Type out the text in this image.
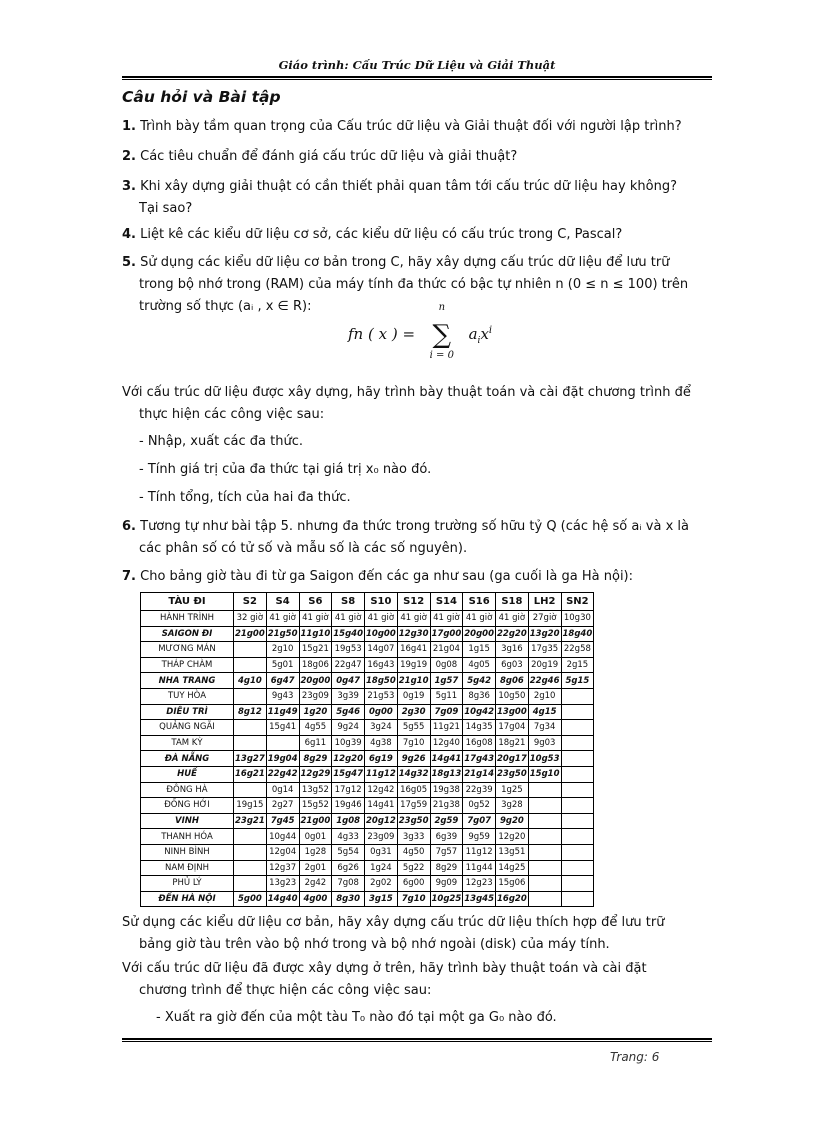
Giáo trình: Cấu Trúc Dữ Liệu và Giải Thuật
Câu hỏi và Bài tập
1. Trình bày tầm quan trọng của Cấu trúc dữ liệu và Giải thuật đối với người lập trình?
2. Các tiêu chuẩn để đánh giá cấu trúc dữ liệu và giải thuật?
3. Khi xây dựng giải thuật có cần thiết phải quan tâm tới cấu trúc dữ liệu hay không?
Tại sao?
4. Liệt kê các kiểu dữ liệu cơ sở, các kiểu dữ liệu có cấu trúc trong C, Pascal?
5. Sử dụng các kiểu dữ liệu cơ bản trong C, hãy xây dựng cấu trúc dữ liệu để lưu trữ
trong bộ nhớ trong (RAM) của máy tính đa thức có bậc tự nhiên n (0 ≤ n ≤ 100) trên
trường số thực (aᵢ , x ∈ R):
fn ( x ) =
n
∑
i = 0
$a_ix^i$
Với cấu trúc dữ liệu được xây dựng, hãy trình bày thuật toán và cài đặt chương trình để
thực hiện các công việc sau:
- Nhập, xuất các đa thức.
- Tính giá trị của đa thức tại giá trị x₀ nào đó.
- Tính tổng, tích của hai đa thức.
6. Tương tự như bài tập 5. nhưng đa thức trong trường số hữu tỷ Q (các hệ số aᵢ và x là
các phân số có tử số và mẫu số là các số nguyên).
7. Cho bảng giờ tàu đi từ ga Saigon đến các ga như sau (ga cuối là ga Hà nội):
TÀU ĐI	S2	S4	S6	S8	S10	S12	S14	S16	S18	LH2	SN2
HÀNH TRÌNH	32 giờ	41 giờ	41 giờ	41 giờ	41 giờ	41 giờ	41 giờ	41 giờ	41 giờ	27giờ	10g30
SAIGON ĐI	21g00	21g50	11g10	15g40	10g00	12g30	17g00	20g00	22g20	13g20	18g40
MƯƠNG MÁN		2g10	15g21	19g53	14g07	16g41	21g04	1g15	3g16	17g35	22g58
THÁP CHÀM		5g01	18g06	22g47	16g43	19g19	0g08	4g05	6g03	20g19	2g15
NHA TRANG	4g10	6g47	20g00	0g47	18g50	21g10	1g57	5g42	8g06	22g46	5g15
TUY HÒA		9g43	23g09	3g39	21g53	0g19	5g11	8g36	10g50	2g10	
DIÊU TRÌ	8g12	11g49	1g20	5g46	0g00	2g30	7g09	10g42	13g00	4g15	
QUẢNG NGÃI		15g41	4g55	9g24	3g24	5g55	11g21	14g35	17g04	7g34	
TAM KỲ			6g11	10g39	4g38	7g10	12g40	16g08	18g21	9g03	
ĐÀ NẴNG	13g27	19g04	8g29	12g20	6g19	9g26	14g41	17g43	20g17	10g53	
HUẾ	16g21	22g42	12g29	15g47	11g12	14g32	18g13	21g14	23g50	15g10	
ĐÔNG HÀ		0g14	13g52	17g12	12g42	16g05	19g38	22g39	1g25		
ĐỒNG HỚI	19g15	2g27	15g52	19g46	14g41	17g59	21g38	0g52	3g28		
VINH	23g21	7g45	21g00	1g08	20g12	23g50	2g59	7g07	9g20		
THANH HÓA		10g44	0g01	4g33	23g09	3g33	6g39	9g59	12g20		
NINH BÌNH		12g04	1g28	5g54	0g31	4g50	7g57	11g12	13g51		
NAM ĐỊNH		12g37	2g01	6g26	1g24	5g22	8g29	11g44	14g25		
PHỦ LÝ		13g23	2g42	7g08	2g02	6g00	9g09	12g23	15g06		
ĐẾN HÀ NỘI	5g00	14g40	4g00	8g30	3g15	7g10	10g25	13g45	16g20		
Sử dụng các kiểu dữ liệu cơ bản, hãy xây dựng cấu trúc dữ liệu thích hợp để lưu trữ
bảng giờ tàu trên vào bộ nhớ trong và bộ nhớ ngoài (disk) của máy tính.
Với cấu trúc dữ liệu đã được xây dựng ở trên, hãy trình bày thuật toán và cài đặt
chương trình để thực hiện các công việc sau:
- Xuất ra giờ đến của một tàu T₀ nào đó tại một ga G₀ nào đó.
Trang: 6
